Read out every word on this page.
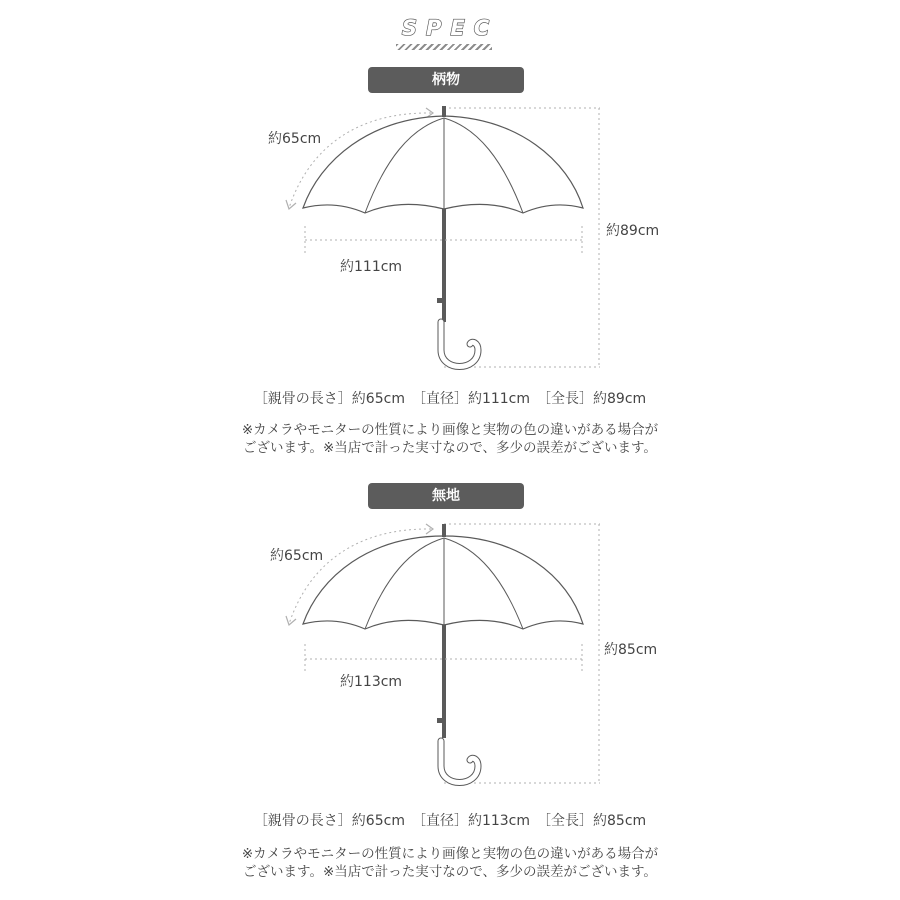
SPEC
柄物
約65cm
約111cm
約89cm
［親骨の長さ］約65cm　［直径］約111cm　［全長］約89cm
※カメラやモニターの性質により画像と実物の色の違いがある場合が
ございます。※当店で計った実寸なので、多少の誤差がございます。
無地
約65cm
約113cm
約85cm
［親骨の長さ］約65cm　［直径］約113cm　［全長］約85cm
※カメラやモニターの性質により画像と実物の色の違いがある場合が
ございます。※当店で計った実寸なので、多少の誤差がございます。
